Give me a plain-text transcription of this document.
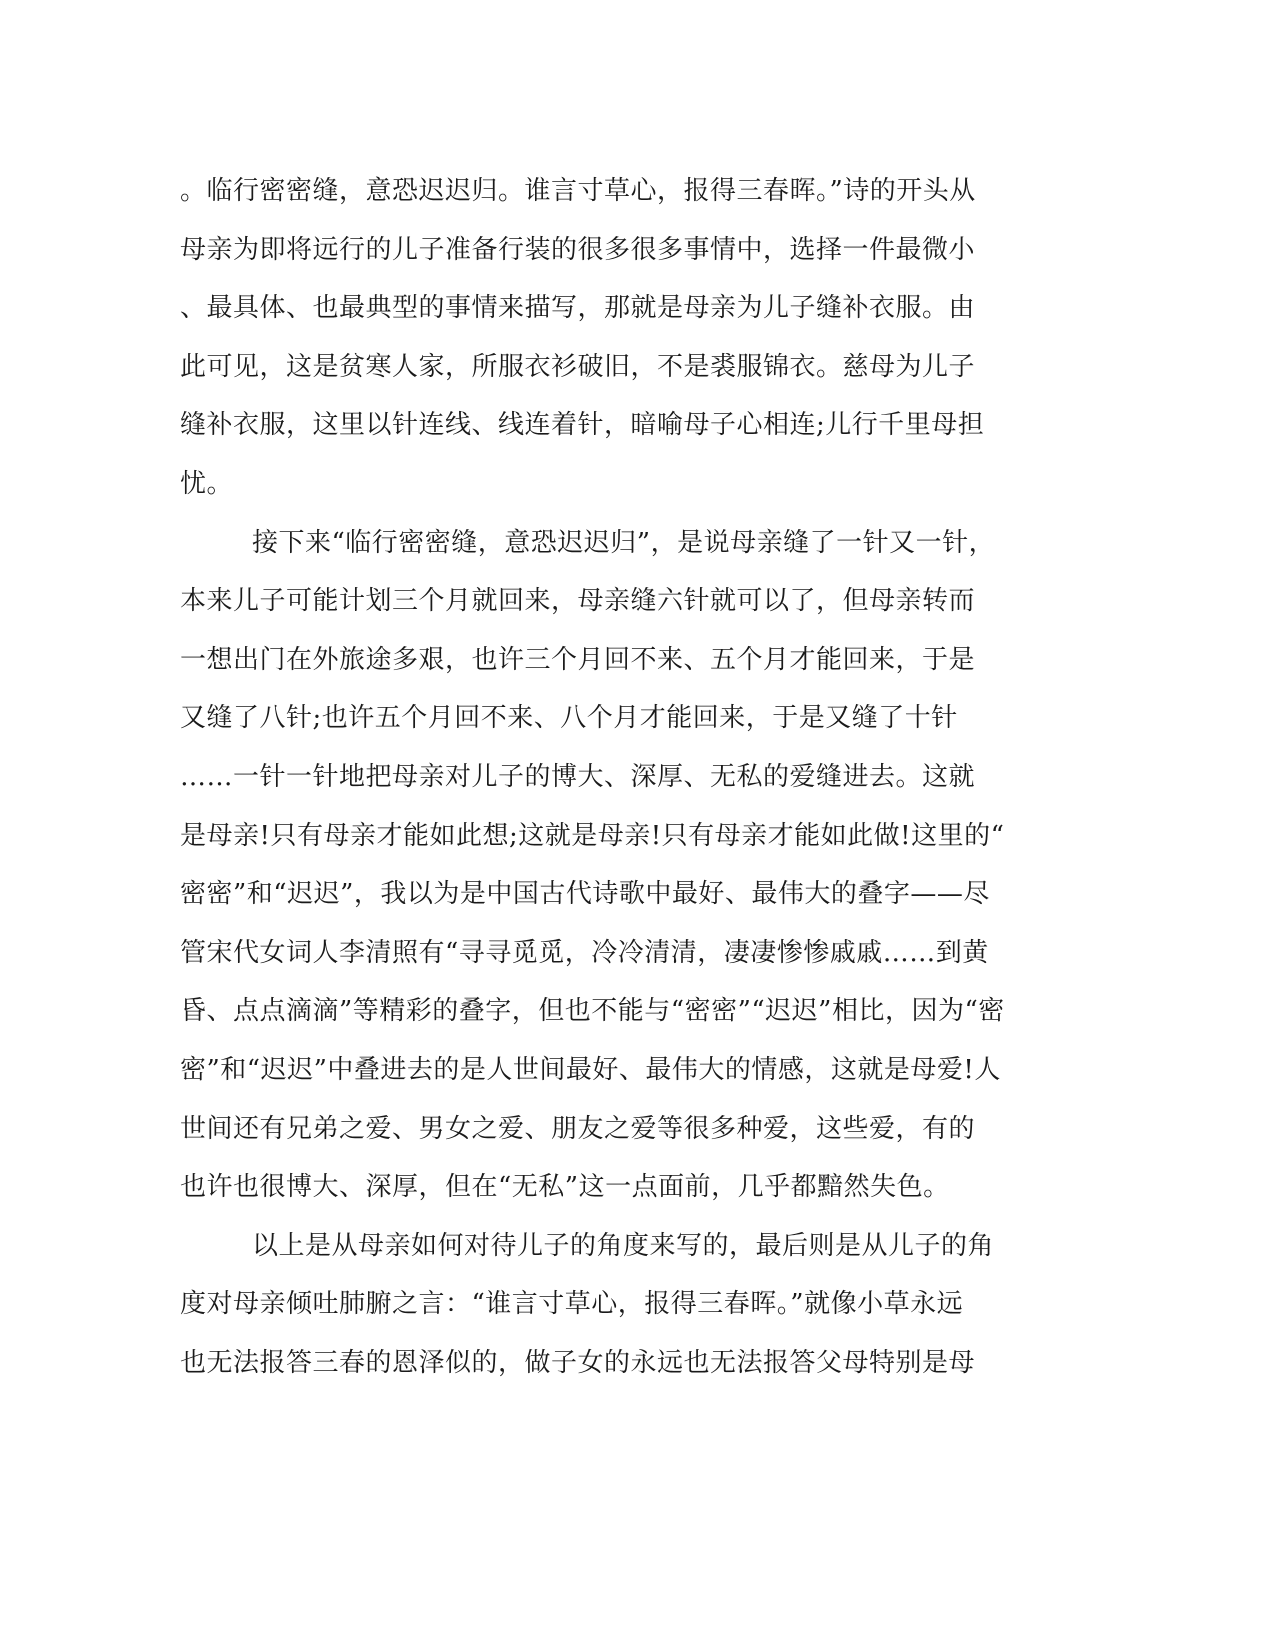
。临行密密缝，意恐迟迟归。谁言寸草心，报得三春晖。”诗的开头从
母亲为即将远行的儿子准备行装的很多很多事情中，选择一件最微小
、最具体、也最典型的事情来描写，那就是母亲为儿子缝补衣服。由
此可见，这是贫寒人家，所服衣衫破旧，不是裘服锦衣。慈母为儿子
缝补衣服，这里以针连线、线连着针，暗喻母子心相连;儿行千里母担
忧。
接下来“临行密密缝，意恐迟迟归”，是说母亲缝了一针又一针，
本来儿子可能计划三个月就回来，母亲缝六针就可以了，但母亲转而
一想出门在外旅途多艰，也许三个月回不来、五个月才能回来，于是
又缝了八针;也许五个月回不来、八个月才能回来，于是又缝了十针
……一针一针地把母亲对儿子的博大、深厚、无私的爱缝进去。这就
是母亲!只有母亲才能如此想;这就是母亲!只有母亲才能如此做!这里的“
密密”和“迟迟”，我以为是中国古代诗歌中最好、最伟大的叠字——尽
管宋代女词人李清照有“寻寻觅觅，冷冷清清，凄凄惨惨戚戚……到黄
昏、点点滴滴”等精彩的叠字，但也不能与“密密”“迟迟”相比，因为“密
密”和“迟迟”中叠进去的是人世间最好、最伟大的情感，这就是母爱!人
世间还有兄弟之爱、男女之爱、朋友之爱等很多种爱，这些爱，有的
也许也很博大、深厚，但在“无私”这一点面前，几乎都黯然失色。
以上是从母亲如何对待儿子的角度来写的，最后则是从儿子的角
度对母亲倾吐肺腑之言：“谁言寸草心，报得三春晖。”就像小草永远
也无法报答三春的恩泽似的，做子女的永远也无法报答父母特别是母
